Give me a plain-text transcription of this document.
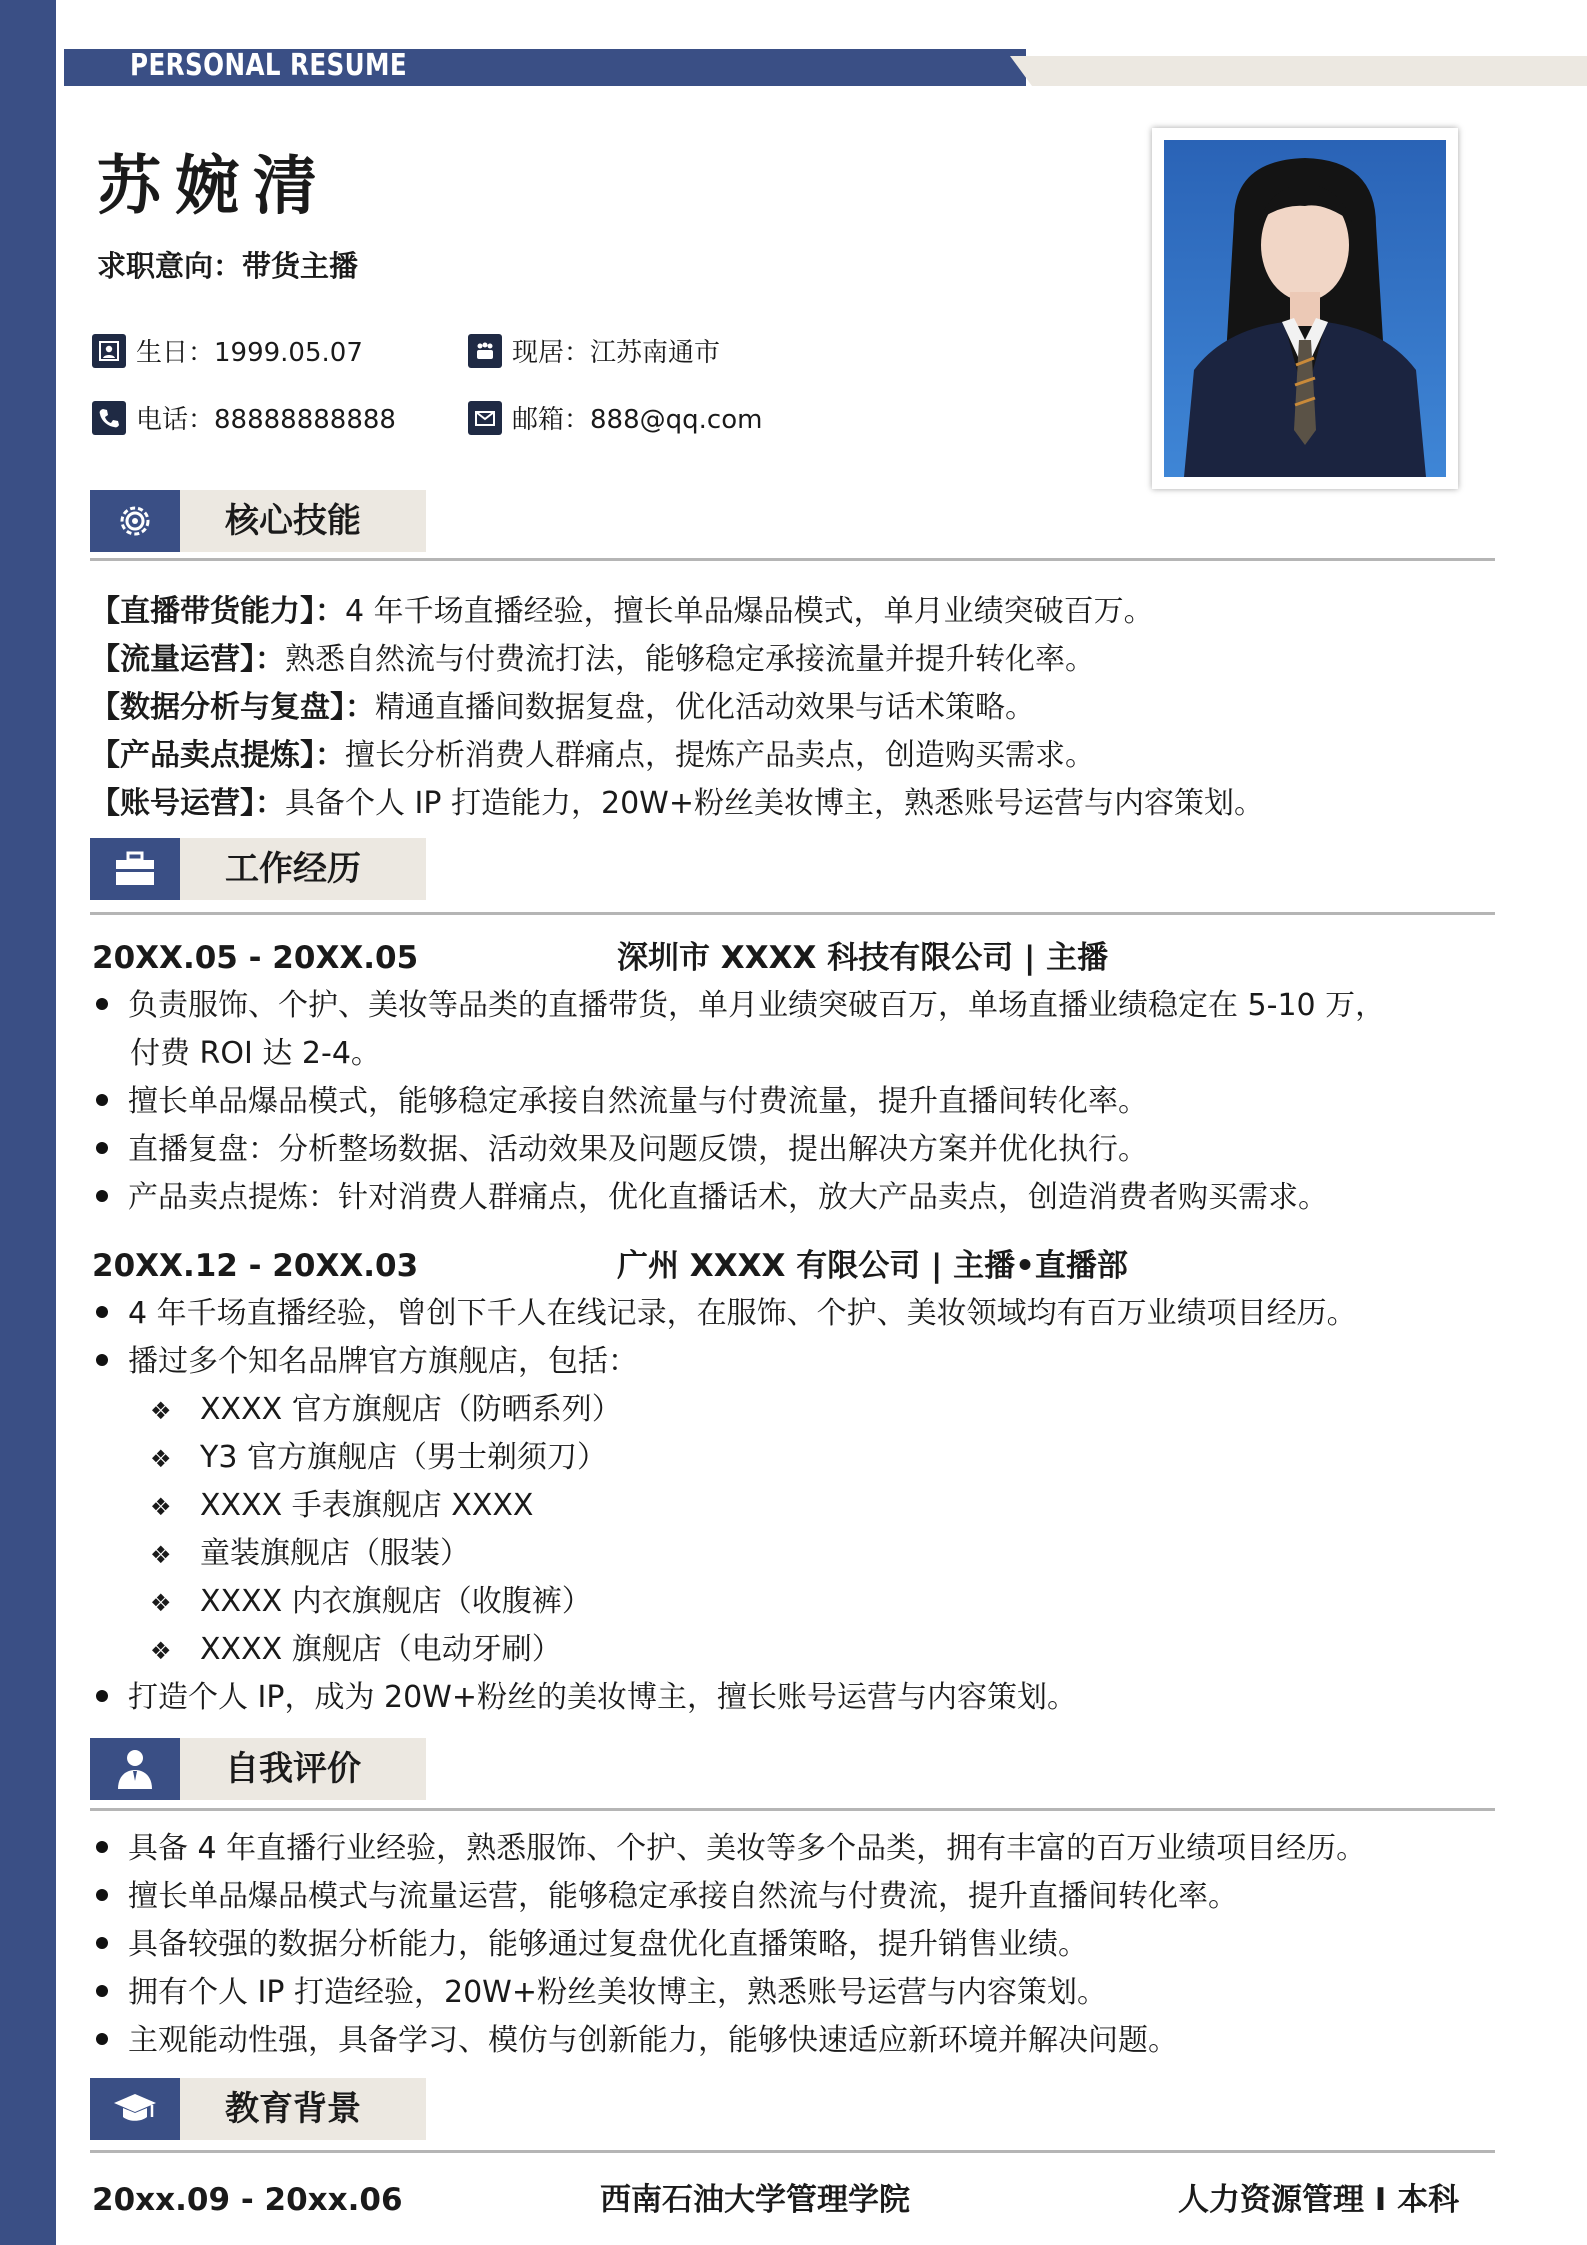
PERSONAL RESUME
苏婉清
求职意向：带货主播
生日：1999.05.07	现居：江苏南通市
电话：88888888888	邮箱：888@qq.com
核心技能
【直播带货能力】：4 年千场直播经验，擅长单品爆品模式，单月业绩突破百万。
【流量运营】：熟悉自然流与付费流打法，能够稳定承接流量并提升转化率。
【数据分析与复盘】：精通直播间数据复盘，优化活动效果与话术策略。
【产品卖点提炼】：擅长分析消费人群痛点，提炼产品卖点，创造购买需求。
【账号运营】：具备个人 IP 打造能力，20W+粉丝美妆博主，熟悉账号运营与内容策划。
工作经历
20XX.05 - 20XX.05	深圳市 XXXX 科技有限公司 | 主播
负责服饰、个护、美妆等品类的直播带货，单月业绩突破百万，单场直播业绩稳定在 5-10 万，
付费 ROI 达 2-4。
擅长单品爆品模式，能够稳定承接自然流量与付费流量，提升直播间转化率。
直播复盘：分析整场数据、活动效果及问题反馈，提出解决方案并优化执行。
产品卖点提炼：针对消费人群痛点，优化直播话术，放大产品卖点，创造消费者购买需求。
20XX.12 - 20XX.03	广州 XXXX 有限公司 | 主播•直播部
4 年千场直播经验，曾创下千人在线记录，在服饰、个护、美妆领域均有百万业绩项目经历。
播过多个知名品牌官方旗舰店，包括：
❖ XXXX 官方旗舰店（防晒系列）
❖ Y3 官方旗舰店（男士剃须刀）
❖ XXXX 手表旗舰店 XXXX
❖ 童装旗舰店（服装）
❖ XXXX 内衣旗舰店（收腹裤）
❖ XXXX 旗舰店（电动牙刷）
打造个人 IP，成为 20W+粉丝的美妆博主，擅长账号运营与内容策划。
自我评价
具备 4 年直播行业经验，熟悉服饰、个护、美妆等多个品类，拥有丰富的百万业绩项目经历。
擅长单品爆品模式与流量运营，能够稳定承接自然流与付费流，提升直播间转化率。
具备较强的数据分析能力，能够通过复盘优化直播策略，提升销售业绩。
拥有个人 IP 打造经验，20W+粉丝美妆博主，熟悉账号运营与内容策划。
主观能动性强，具备学习、模仿与创新能力，能够快速适应新环境并解决问题。
教育背景
20xx.09 - 20xx.06	西南石油大学管理学院	人力资源管理 I 本科
